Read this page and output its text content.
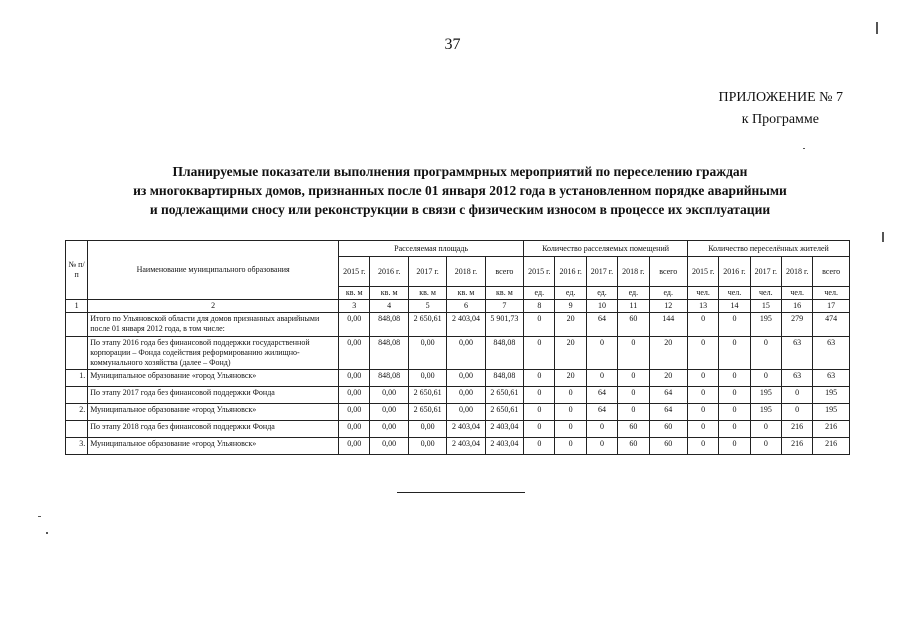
37
ПРИЛОЖЕНИЕ № 7
к Программе
Планируемые показатели выполнения программрных мероприятий по переселению граждан
из многоквартирных домов, признанных после 01 января 2012 года в установленном порядке аварийными
и подлежащими сносу или реконструкции в связи с физическим износом в процессе их эксплуатации
№ п/п	Наименование муниципального образования	Расселяемая площадь					Количество расселяемых помещений					Количество переселённых жителей				
		2015 г.	2016 г.	2017 г.	2018 г.	всего	2015 г.	2016 г.	2017 г.	2018 г.	всего	2015 г.	2016 г.	2017 г.	2018 г.	всего
		кв. м	кв. м	кв. м	кв. м	кв. м	ед.	ед.	ед.	ед.	ед.	чел.	чел.	чел.	чел.	чел.
1	2	3	4	5	6	7	8	9	10	11	12	13	14	15	16	17
	Итого по Ульяновской области для домов признанных аварийными после 01 января 2012 года, в том числе:	0,00	848,08	2 650,61	2 403,04	5 901,73	0	20	64	60	144	0	0	195	279	474
	По этапу 2016 года без финансовой поддержки государственной корпорации – Фонда содействия реформированию жилищно-коммунального хозяйства (далее – Фонд)	0,00	848,08	0,00	0,00	848,08	0	20	0	0	20	0	0	0	63	63
1.	Муниципальное образование «город Ульяновск»	0,00	848,08	0,00	0,00	848,08	0	20	0	0	20	0	0	0	63	63
	По этапу 2017 года без финансовой поддержки Фонда	0,00	0,00	2 650,61	0,00	2 650,61	0	0	64	0	64	0	0	195	0	195
2.	Муниципальное образование «город Ульяновск»	0,00	0,00	2 650,61	0,00	2 650,61	0	0	64	0	64	0	0	195	0	195
	По этапу 2018 года без финансовой поддержки Фонда	0,00	0,00	0,00	2 403,04	2 403,04	0	0	0	60	60	0	0	0	216	216
3.	Муниципальное образование «город Ульяновск»	0,00	0,00	0,00	2 403,04	2 403,04	0	0	0	60	60	0	0	0	216	216
